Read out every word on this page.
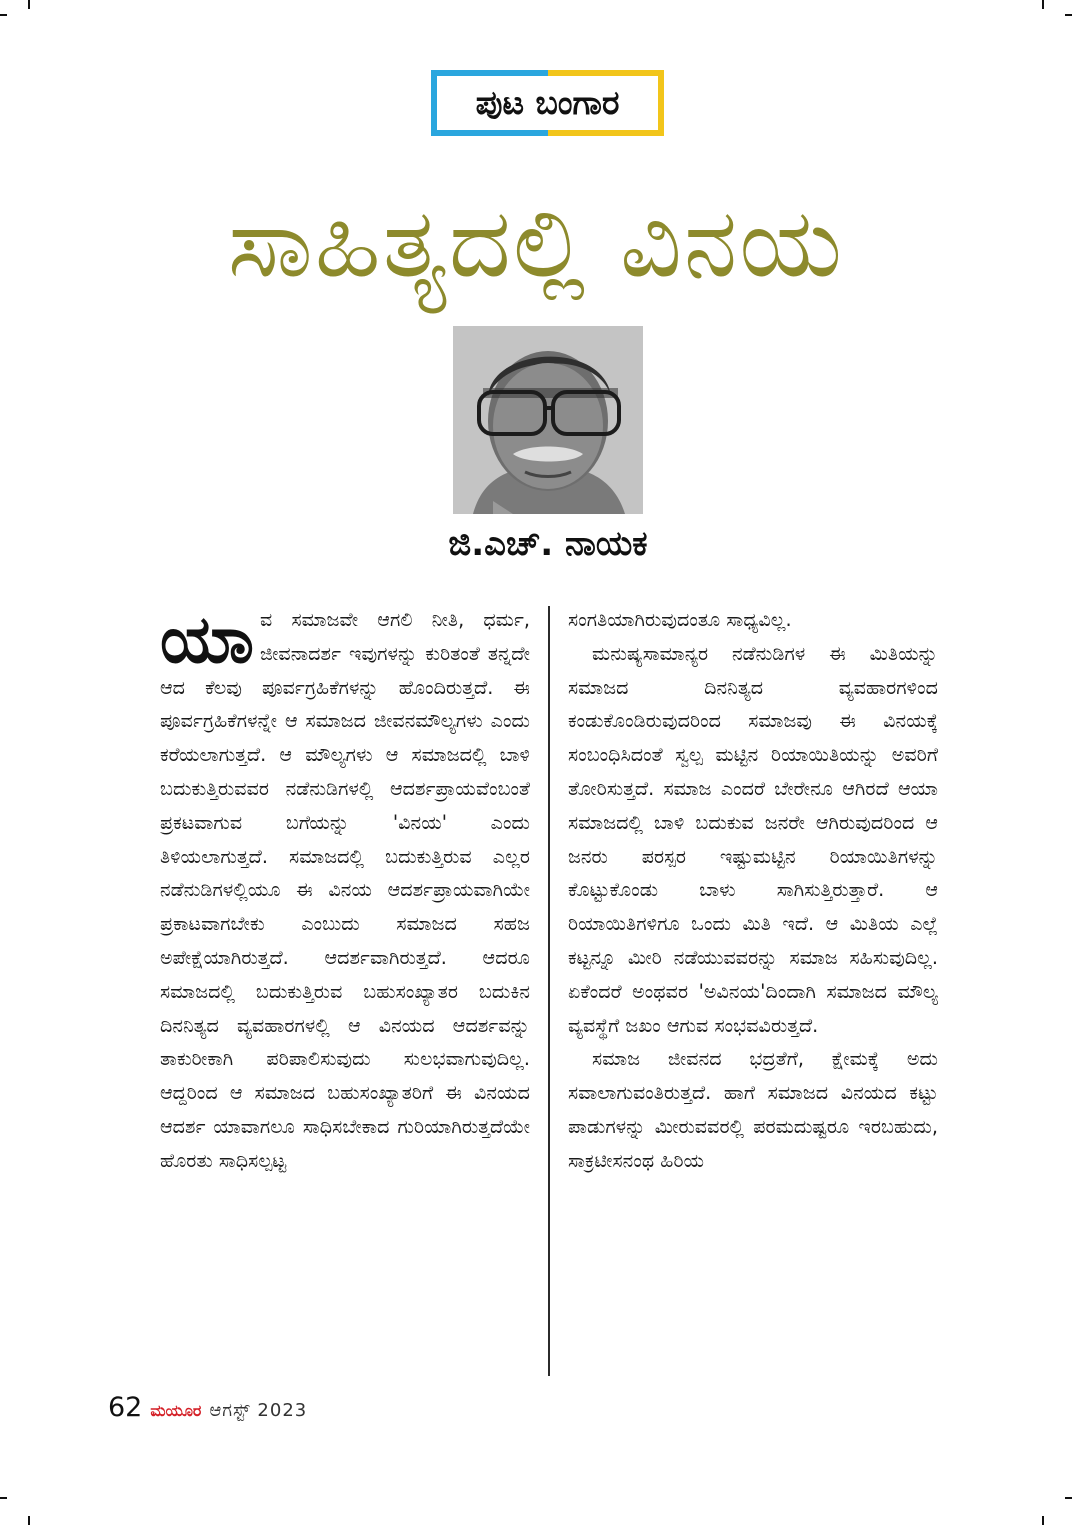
ಪುಟ ಬಂಗಾರ
ಸಾಹಿತ್ಯದಲ್ಲಿ ವಿನಯ
ಜಿ.ಎಚ್. ನಾಯಕ

ಯಾವ ಸಮಾಜವೇ ಆಗಲಿ ನೀತಿ, ಧರ್ಮ, ಜೀವನಾದರ್ಶ ಇವುಗಳನ್ನು ಕುರಿತಂತೆ ತನ್ನದೇ ಆದ ಕೆಲವು ಪೂರ್ವಗ್ರಹಿಕೆಗಳನ್ನು ಹೊಂದಿರುತ್ತದೆ. ಈ ಪೂರ್ವಗ್ರಹಿಕೆಗಳನ್ನೇ ಆ ಸಮಾಜದ ಜೀವನಮೌಲ್ಯಗಳು ಎಂದು ಕರೆಯಲಾಗುತ್ತದೆ. ಆ ಮೌಲ್ಯಗಳು ಆ ಸಮಾಜದಲ್ಲಿ ಬಾಳಿ ಬದುಕುತ್ತಿರುವವರ ನಡೆನುಡಿಗಳಲ್ಲಿ ಆದರ್ಶಪ್ರಾಯವೆಂಬಂತೆ ಪ್ರಕಟವಾಗುವ ಬಗೆಯನ್ನು 'ವಿನಯ' ಎಂದು ತಿಳಿಯಲಾಗುತ್ತದೆ. ಸಮಾಜದಲ್ಲಿ ಬದುಕುತ್ತಿರುವ ಎಲ್ಲರ ನಡೆನುಡಿಗಳಲ್ಲಿಯೂ ಈ ವಿನಯ ಆದರ್ಶಪ್ರಾಯವಾಗಿಯೇ ಪ್ರಕಾಟವಾಗಬೇಕು ಎಂಬುದು ಸಮಾಜದ ಸಹಜ ಅಪೇಕ್ಷೆಯಾಗಿರುತ್ತದೆ. ಆದರ್ಶವಾಗಿರುತ್ತದೆ. ಆದರೂ ಸಮಾಜದಲ್ಲಿ ಬದುಕುತ್ತಿರುವ ಬಹುಸಂಖ್ಯಾತರ ಬದುಕಿನ ದಿನನಿತ್ಯದ ವ್ಯವಹಾರಗಳಲ್ಲಿ ಆ ವಿನಯದ ಆದರ್ಶವನ್ನು ತಾಕುರೀಕಾಗಿ ಪರಿಪಾಲಿಸುವುದು ಸುಲಭವಾಗುವುದಿಲ್ಲ. ಆದ್ದರಿಂದ ಆ ಸಮಾಜದ ಬಹುಸಂಖ್ಯಾತರಿಗೆ ಈ ವಿನಯದ ಆದರ್ಶ ಯಾವಾಗಲೂ ಸಾಧಿಸಬೇಕಾದ ಗುರಿಯಾಗಿರುತ್ತದೆಯೇ ಹೊರತು ಸಾಧಿಸಲ್ಪಟ್ಟ

ಸಂಗತಿಯಾಗಿರುವುದಂತೂ ಸಾಧ್ಯವಿಲ್ಲ.

ಮನುಷ್ಯಸಾಮಾನ್ಯರ ನಡೆನುಡಿಗಳ ಈ ಮಿತಿಯನ್ನು ಸಮಾಜದ ದಿನನಿತ್ಯದ ವ್ಯವಹಾರಗಳಿಂದ ಕಂಡುಕೊಂಡಿರುವುದರಿಂದ ಸಮಾಜವು ಈ ವಿನಯಕ್ಕೆ ಸಂಬಂಧಿಸಿದಂತೆ ಸ್ವಲ್ಪ ಮಟ್ಟಿನ ರಿಯಾಯಿತಿಯನ್ನು ಅವರಿಗೆ ತೋರಿಸುತ್ತದೆ. ಸಮಾಜ ಎಂದರೆ ಬೇರೇನೂ ಆಗಿರದೆ ಆಯಾ ಸಮಾಜದಲ್ಲಿ ಬಾಳಿ ಬದುಕುವ ಜನರೇ ಆಗಿರುವುದರಿಂದ ಆ ಜನರು ಪರಸ್ಪರ ಇಷ್ಟುಮಟ್ಟಿನ ರಿಯಾಯಿತಿಗಳನ್ನು ಕೊಟ್ಟುಕೊಂಡು ಬಾಳು ಸಾಗಿಸುತ್ತಿರುತ್ತಾರೆ. ಆ ರಿಯಾಯಿತಿಗಳಿಗೂ ಒಂದು ಮಿತಿ ಇದೆ. ಆ ಮಿತಿಯ ಎಲ್ಲೆ ಕಟ್ಟನ್ನೂ ಮೀರಿ ನಡೆಯುವವರನ್ನು ಸಮಾಜ ಸಹಿಸುವುದಿಲ್ಲ. ಏಕೆಂದರೆ ಅಂಥವರ 'ಅವಿನಯ'ದಿಂದಾಗಿ ಸಮಾಜದ ಮೌಲ್ಯ ವ್ಯವಸ್ಥೆಗೆ ಜಖಂ ಆಗುವ ಸಂಭವವಿರುತ್ತದೆ.

ಸಮಾಜ ಜೀವನದ ಭದ್ರತೆಗೆ, ಕ್ಷೇಮಕ್ಕೆ ಅದು ಸವಾಲಾಗುವಂತಿರುತ್ತದೆ. ಹಾಗೆ ಸಮಾಜದ ವಿನಯದ ಕಟ್ಟು ಪಾಡುಗಳನ್ನು ಮೀರುವವರಲ್ಲಿ ಪರಮದುಷ್ಟರೂ ಇರಬಹುದು, ಸಾಕ್ರಟೀಸನಂಥ ಹಿರಿಯ

62 ಮಯೂರ ಆಗಸ್ಟ್ 2023
